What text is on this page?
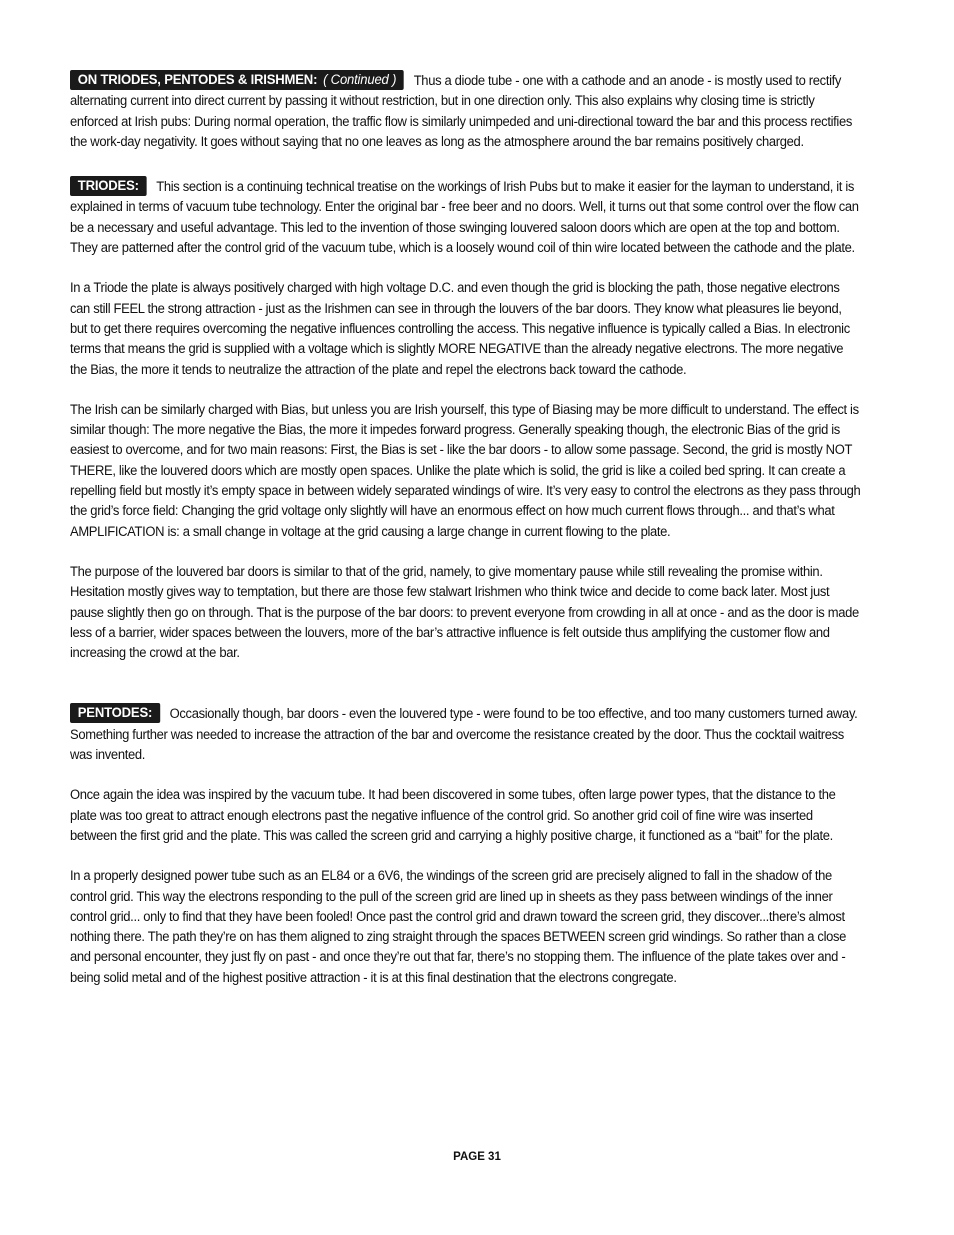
ON TRIODES, PENTODES & IRISHMEN: ( Continued ) Thus a diode tube - one with a cathode and an anode - is mostly used to rectify alternating current into direct current by passing it without restriction, but in one direction only. This also explains why closing time is strictly enforced at Irish pubs: During normal operation, the traffic flow is similarly unimpeded and uni-directional toward the bar and this process rectifies the work-day negativity. It goes without saying that no one leaves as long as the atmosphere around the bar remains positively charged.

TRIODES: This section is a continuing technical treatise on the workings of Irish Pubs but to make it easier for the layman to understand, it is explained in terms of vacuum tube technology. Enter the original bar - free beer and no doors. Well, it turns out that some control over the flow can be a necessary and useful advantage. This led to the invention of those swinging louvered saloon doors which are open at the top and bottom. They are patterned after the control grid of the vacuum tube, which is a loosely wound coil of thin wire located between the cathode and the plate.

In a Triode the plate is always positively charged with high voltage D.C. and even though the grid is blocking the path, those negative electrons can still FEEL the strong attraction - just as the Irishmen can see in through the louvers of the bar doors. They know what pleasures lie beyond, but to get there requires overcoming the negative influences controlling the access. This negative influence is typically called a Bias. In electronic terms that means the grid is supplied with a voltage which is slightly MORE NEGATIVE than the already negative electrons. The more negative the Bias, the more it tends to neutralize the attraction of the plate and repel the electrons back toward the cathode.

The Irish can be similarly charged with Bias, but unless you are Irish yourself, this type of Biasing may be more difficult to understand. The effect is similar though: The more negative the Bias, the more it impedes forward progress. Generally speaking though, the electronic Bias of the grid is easiest to overcome, and for two main reasons: First, the Bias is set - like the bar doors - to allow some passage. Second, the grid is mostly NOT THERE, like the louvered doors which are mostly open spaces. Unlike the plate which is solid, the grid is like a coiled bed spring. It can create a repelling field but mostly it’s empty space in between widely separated windings of wire. It’s very easy to control the electrons as they pass through the grid’s force field: Changing the grid voltage only slightly will have an enormous effect on how much current flows through... and that’s what AMPLIFICATION is: a small change in voltage at the grid causing a large change in current flowing to the plate.

The purpose of the louvered bar doors is similar to that of the grid, namely, to give momentary pause while still revealing the promise within. Hesitation mostly gives way to temptation, but there are those few stalwart Irishmen who think twice and decide to come back later. Most just pause slightly then go on through. That is the purpose of the bar doors: to prevent everyone from crowding in all at once - and as the door is made less of a barrier, wider spaces between the louvers, more of the bar’s attractive influence is felt outside thus amplifying the customer flow and increasing the crowd at the bar.

PENTODES: Occasionally though, bar doors - even the louvered type - were found to be too effective, and too many customers turned away. Something further was needed to increase the attraction of the bar and overcome the resistance created by the door. Thus the cocktail waitress was invented.

Once again the idea was inspired by the vacuum tube. It had been discovered in some tubes, often large power types, that the distance to the plate was too great to attract enough electrons past the negative influence of the control grid. So another grid coil of fine wire was inserted between the first grid and the plate. This was called the screen grid and carrying a highly positive charge, it functioned as a “bait” for the plate.

In a properly designed power tube such as an EL84 or a 6V6, the windings of the screen grid are precisely aligned to fall in the shadow of the control grid. This way the electrons responding to the pull of the screen grid are lined up in sheets as they pass between windings of the inner control grid... only to find that they have been fooled! Once past the control grid and drawn toward the screen grid, they discover...there’s almost nothing there. The path they’re on has them aligned to zing straight through the spaces BETWEEN screen grid windings. So rather than a close and personal encounter, they just fly on past - and once they’re out that far, there’s no stopping them. The influence of the plate takes over and - being solid metal and of the highest positive attraction - it is at this final destination that the electrons congregate.

PAGE 31
